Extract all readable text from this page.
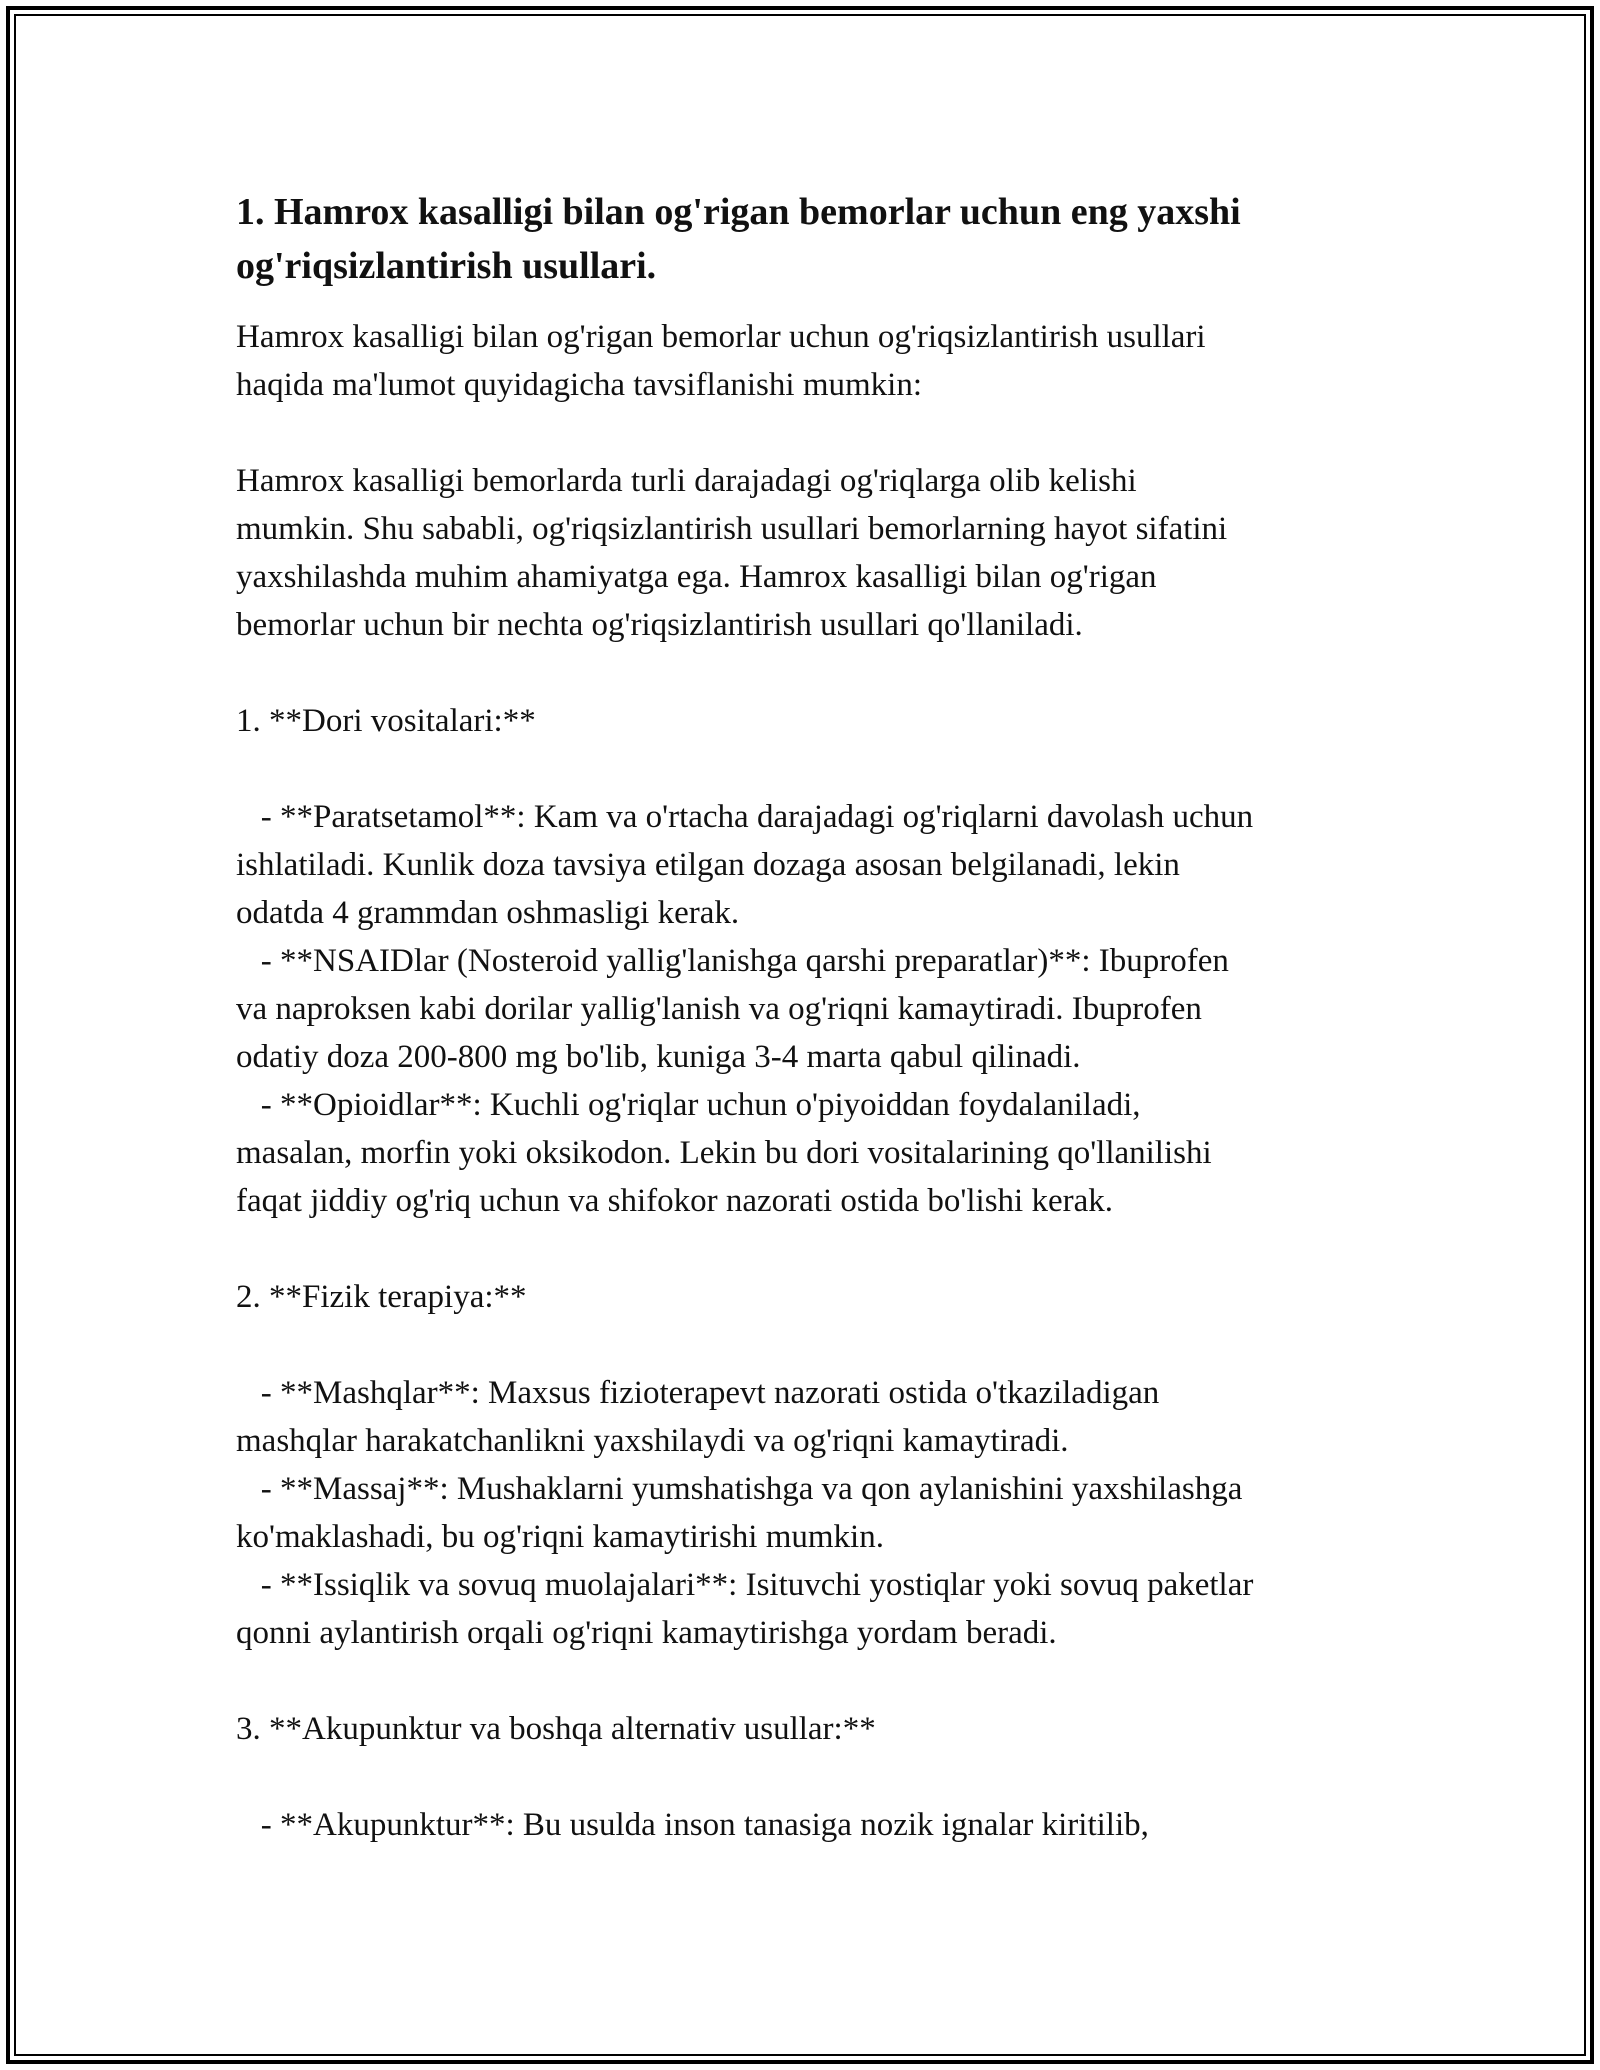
1. Hamrox kasalligi bilan og'rigan bemorlar uchun eng yaxshi
og'riqsizlantirish usullari.
Hamrox kasalligi bilan og'rigan bemorlar uchun og'riqsizlantirish usullari
haqida ma'lumot quyidagicha tavsiflanishi mumkin:
Hamrox kasalligi bemorlarda turli darajadagi og'riqlarga olib kelishi
mumkin. Shu sababli, og'riqsizlantirish usullari bemorlarning hayot sifatini
yaxshilashda muhim ahamiyatga ega. Hamrox kasalligi bilan og'rigan
bemorlar uchun bir nechta og'riqsizlantirish usullari qo'llaniladi.
1. **Dori vositalari:**
- **Paratsetamol**: Kam va o'rtacha darajadagi og'riqlarni davolash uchun
ishlatiladi. Kunlik doza tavsiya etilgan dozaga asosan belgilanadi, lekin
odatda 4 grammdan oshmasligi kerak.
- **NSAIDlar (Nosteroid yallig'lanishga qarshi preparatlar)**: Ibuprofen
va naproksen kabi dorilar yallig'lanish va og'riqni kamaytiradi. Ibuprofen
odatiy doza 200-800 mg bo'lib, kuniga 3-4 marta qabul qilinadi.
- **Opioidlar**: Kuchli og'riqlar uchun o'piyoiddan foydalaniladi,
masalan, morfin yoki oksikodon. Lekin bu dori vositalarining qo'llanilishi
faqat jiddiy og'riq uchun va shifokor nazorati ostida bo'lishi kerak.
2. **Fizik terapiya:**
- **Mashqlar**: Maxsus fizioterapevt nazorati ostida o'tkaziladigan
mashqlar harakatchanlikni yaxshilaydi va og'riqni kamaytiradi.
- **Massaj**: Mushaklarni yumshatishga va qon aylanishini yaxshilashga
ko'maklashadi, bu og'riqni kamaytirishi mumkin.
- **Issiqlik va sovuq muolajalari**: Isituvchi yostiqlar yoki sovuq paketlar
qonni aylantirish orqali og'riqni kamaytirishga yordam beradi.
3. **Akupunktur va boshqa alternativ usullar:**
- **Akupunktur**: Bu usulda inson tanasiga nozik ignalar kiritilib,
